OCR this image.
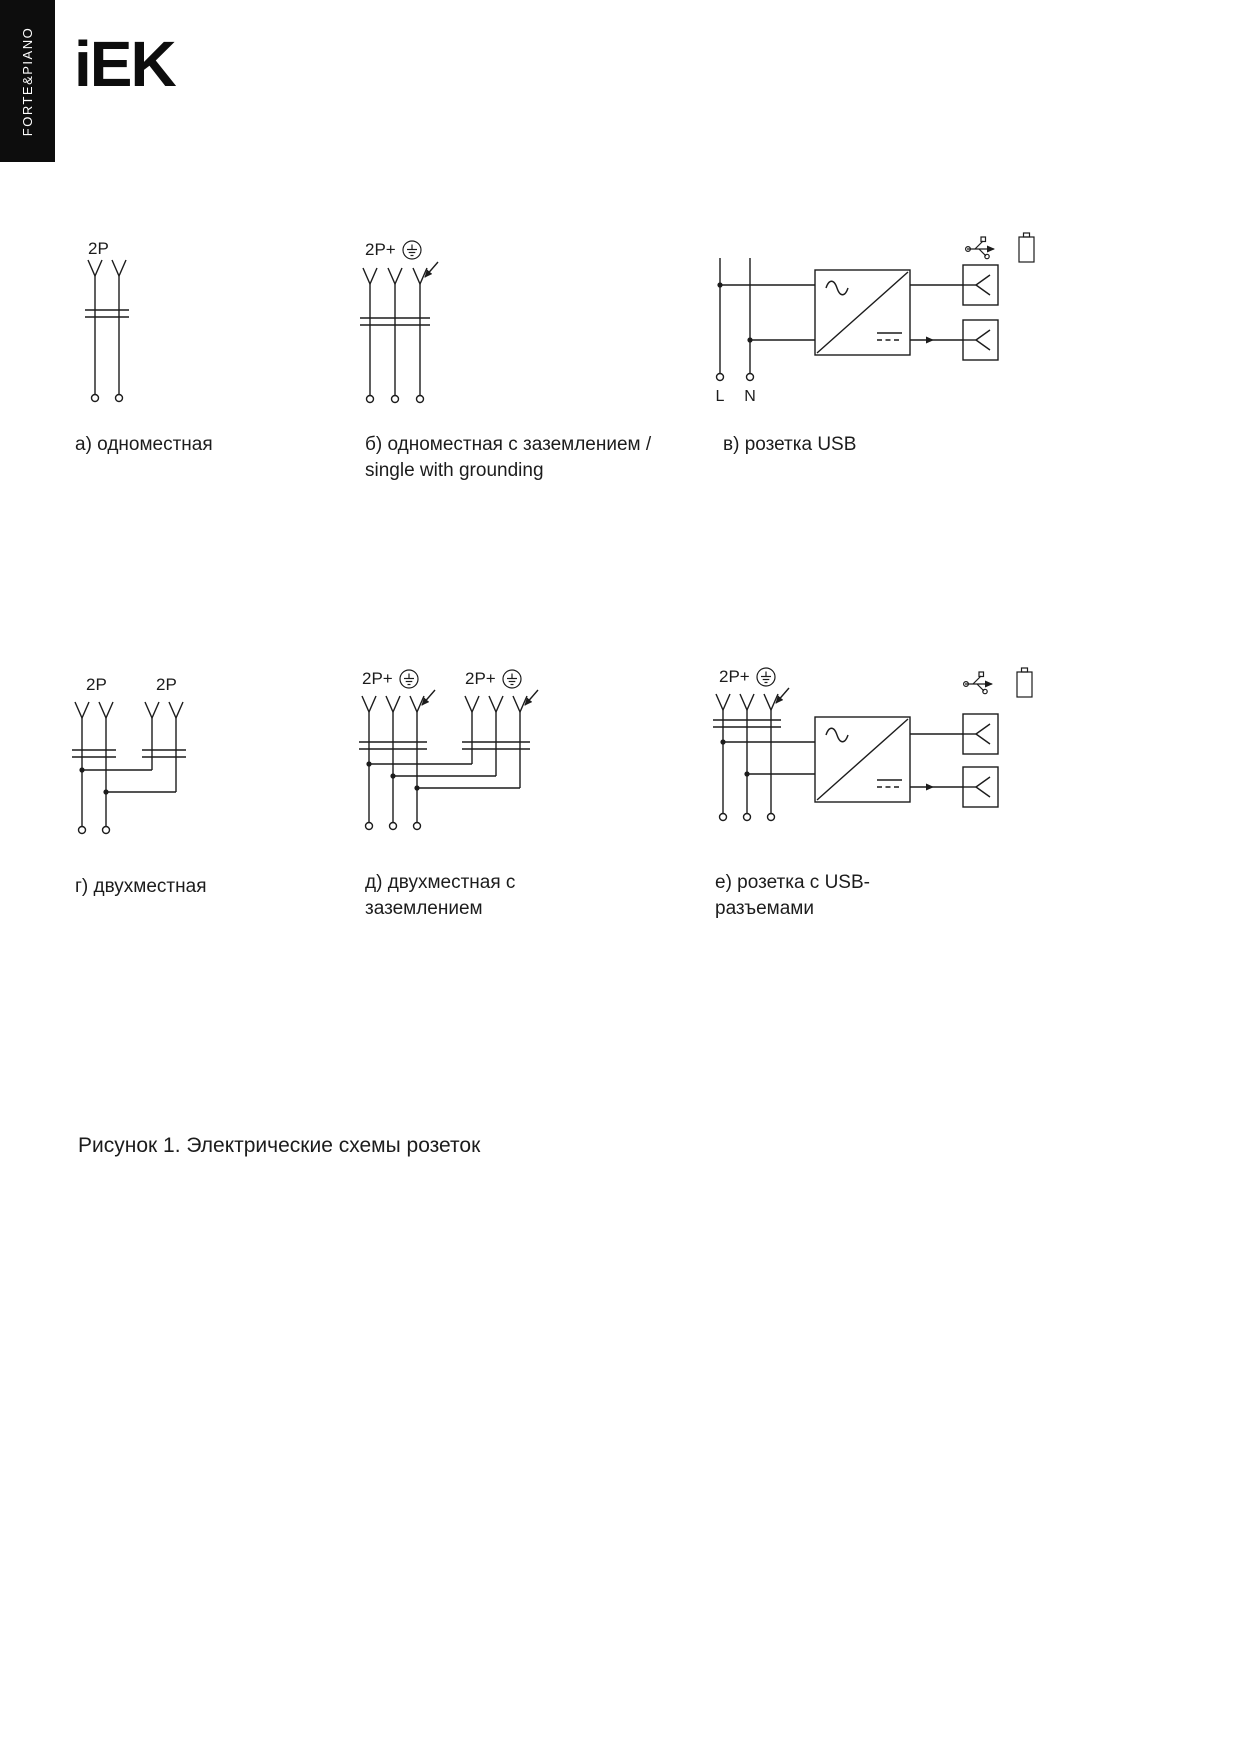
FORTE&PIANO iEK
2P
а) одноместная
2P+
б) одноместная с заземлением / single with grounding
L N
в) розетка USB
2P	2P
г) двухместная
2P+	2P+
д) двухместная с заземлением
2P+
е) розетка с USB-разъемами
Рисунок 1. Электрические схемы розеток
